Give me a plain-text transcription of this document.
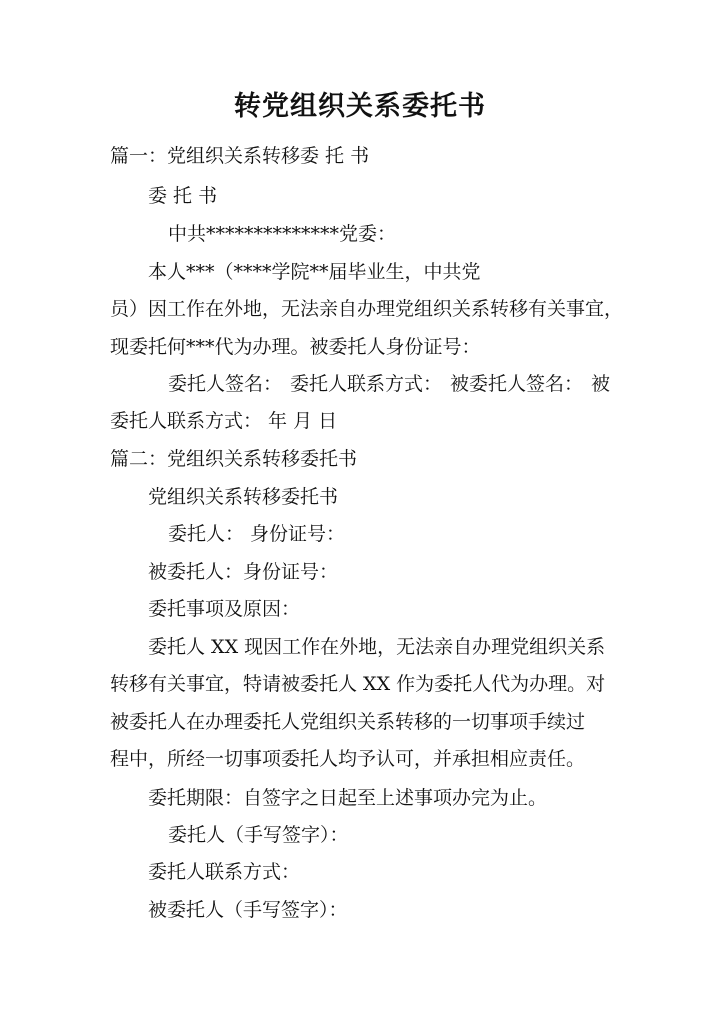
转党组织关系委托书

篇一：党组织关系转移委 托 书

委 托 书

中共**************党委：

本人***（****学院**届毕业生，中共党

员）因工作在外地，无法亲自办理党组织关系转移有关事宜，

现委托何***代为办理。被委托人身份证号：

委托人签名： 委托人联系方式： 被委托人签名： 被

委托人联系方式： 年 月 日

篇二：党组织关系转移委托书

党组织关系转移委托书

委托人： 身份证号：

被委托人：身份证号：

委托事项及原因：

委托人 XX 现因工作在外地，无法亲自办理党组织关系

转移有关事宜，特请被委托人 XX 作为委托人代为办理。对

被委托人在办理委托人党组织关系转移的一切事项手续过

程中，所经一切事项委托人均予认可，并承担相应责任。

委托期限：自签字之日起至上述事项办完为止。

委托人（手写签字）：

委托人联系方式：

被委托人（手写签字）：
